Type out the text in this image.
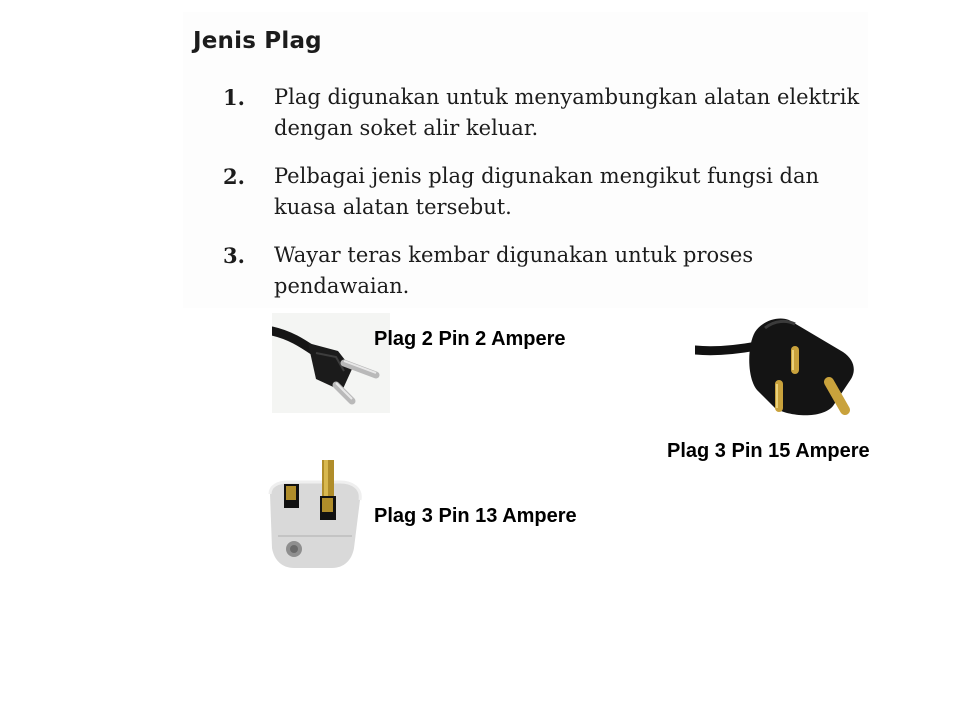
Jenis Plag
1. Plag digunakan untuk menyambungkan alatan elektrik dengan soket alir keluar.
2. Pelbagai jenis plag digunakan mengikut fungsi dan kuasa alatan tersebut.
3. Wayar teras kembar digunakan untuk proses pendawaian.
Plag 2 Pin 2 Ampere
Plag 3 Pin 13 Ampere
Plag 3 Pin 15 Ampere
